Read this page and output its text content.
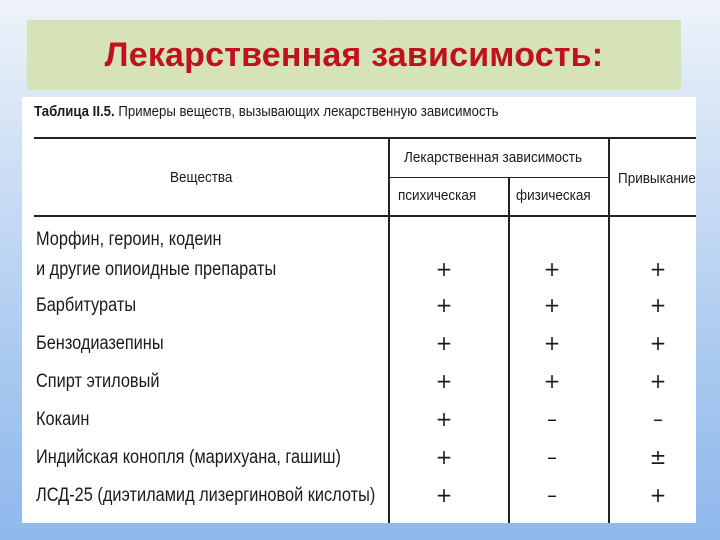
Лекарственная зависимость:
Таблица II.5. Примеры веществ, вызывающих лекарственную зависимость
Вещества
Лекарственная зависимость
психическая	физическая
Привыкание
Морфин, героин, кодеин
и другие опиоидные препараты	+	+	+
Барбитураты	+	+	+
Бензодиазепины	+	+	+
Спирт этиловый	+	+	+
Кокаин	+	–	–
Индийская конопля (марихуана, гашиш)	+	–	±
ЛСД-25 (диэтиламид лизергиновой кислоты)	+	–	+
